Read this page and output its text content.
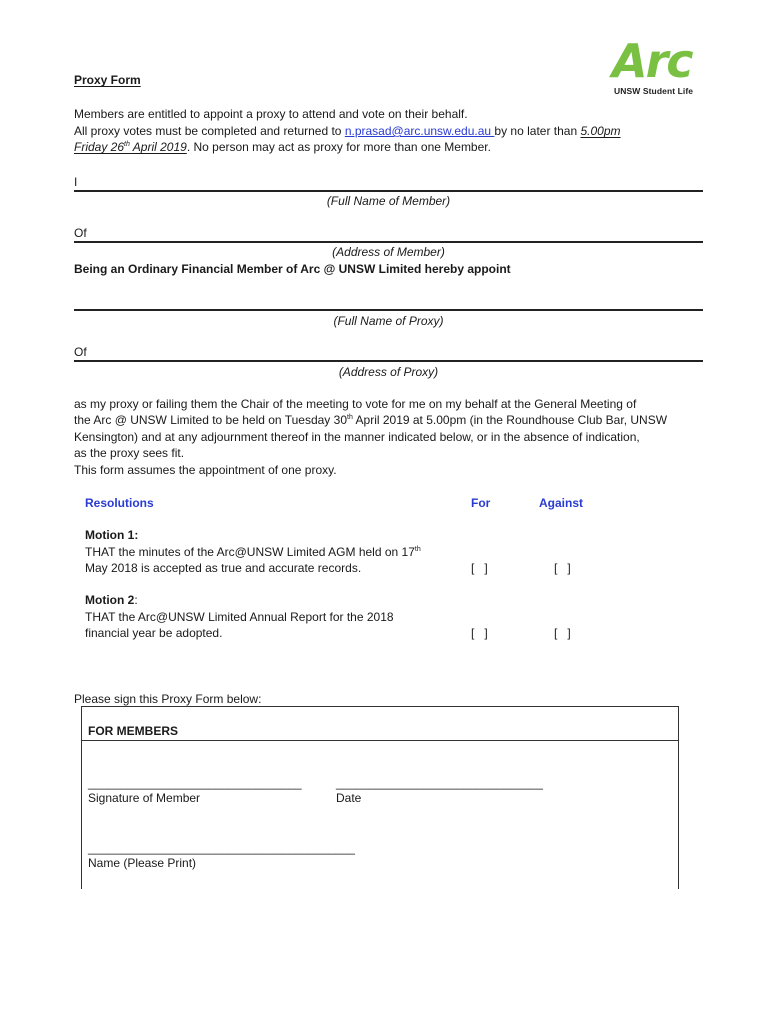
Arc
UNSW Student Life
Proxy Form
Members are entitled to appoint a proxy to attend and vote on their behalf.
All proxy votes must be completed and returned to n.prasad@arc.unsw.edu.au by no later than 5.00pm
Friday 26th April 2019. No person may act as proxy for more than one Member.
I
(Full Name of Member)
Of
(Address of Member)
Being an Ordinary Financial Member of Arc @ UNSW Limited hereby appoint
(Full Name of Proxy)
Of
(Address of Proxy)
as my proxy or failing them the Chair of the meeting to vote for me on my behalf at the General Meeting of
the Arc @ UNSW Limited to be held on Tuesday 30th April 2019 at 5.00pm (in the Roundhouse Club Bar, UNSW
Kensington) and at any adjournment thereof in the manner indicated below, or in the absence of indication,
as the proxy sees fit.
This form assumes the appointment of one proxy.
Resolutions	For	Against
Motion 1:
THAT the minutes of the Arc@UNSW Limited AGM held on 17th
May 2018 is accepted as true and accurate records.	[   ]	[   ]
Motion 2:
THAT the Arc@UNSW Limited Annual Report for the 2018
financial year be adopted.	[   ]	[   ]
Please sign this Proxy Form below:
FOR MEMBERS
________________________________
Signature of Member
_______________________________
Date
________________________________________
Name (Please Print)
